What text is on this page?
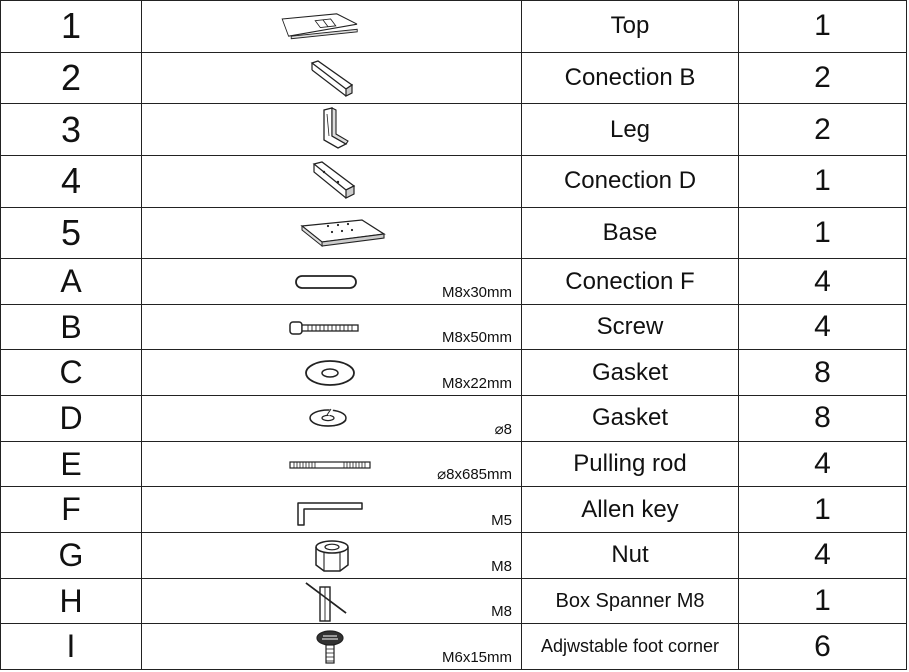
1		Top	1
2		Conection B	2
3		Leg	2
4		Conection D	1
5		Base	1
A	M8x30mm	Conection F	4
B	M8x50mm	Screw	4
C	M8x22mm	Gasket	8
D	⌀8	Gasket	8
E	⌀8x685mm	Pulling rod	4
F	M5	Allen key	1
G	M8	Nut	4
H	M8	Box Spanner M8	1
I	M6x15mm	Adjwstable foot corner	6
